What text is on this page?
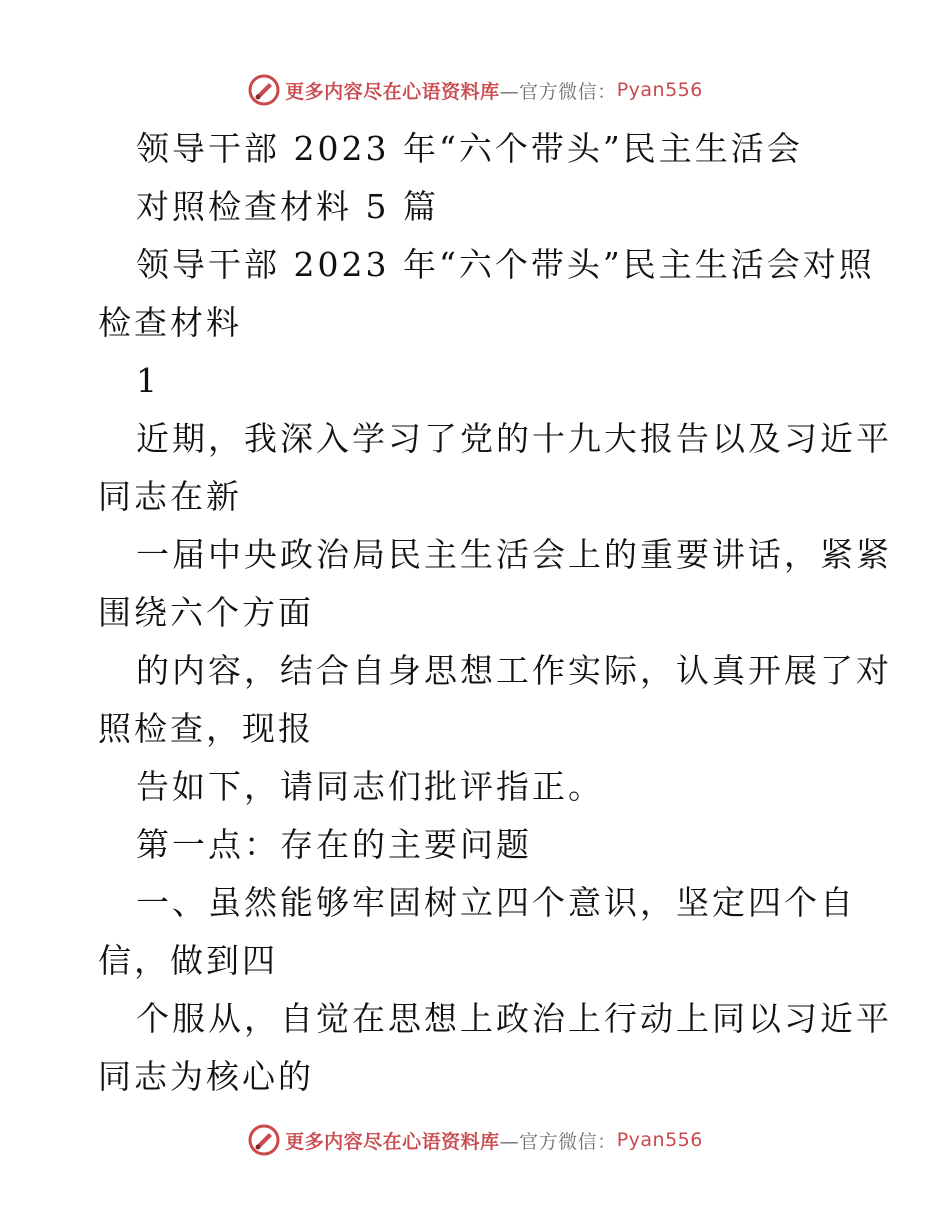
更多内容尽在心语资料库 —官方微信： Pyan556
领导干部 2023 年“六个带头”民主生活会
对照检查材料 5 篇
领导干部 2023 年“六个带头”民主生活会对照
检查材料
1
近期，我深入学习了党的十九大报告以及习近平
同志在新
一届中央政治局民主生活会上的重要讲话，紧紧
围绕六个方面
的内容，结合自身思想工作实际，认真开展了对
照检查，现报
告如下，请同志们批评指正。
第一点：存在的主要问题
一、虽然能够牢固树立四个意识，坚定四个自
信，做到四
个服从，自觉在思想上政治上行动上同以习近平
同志为核心的
更多内容尽在心语资料库 —官方微信： Pyan556
